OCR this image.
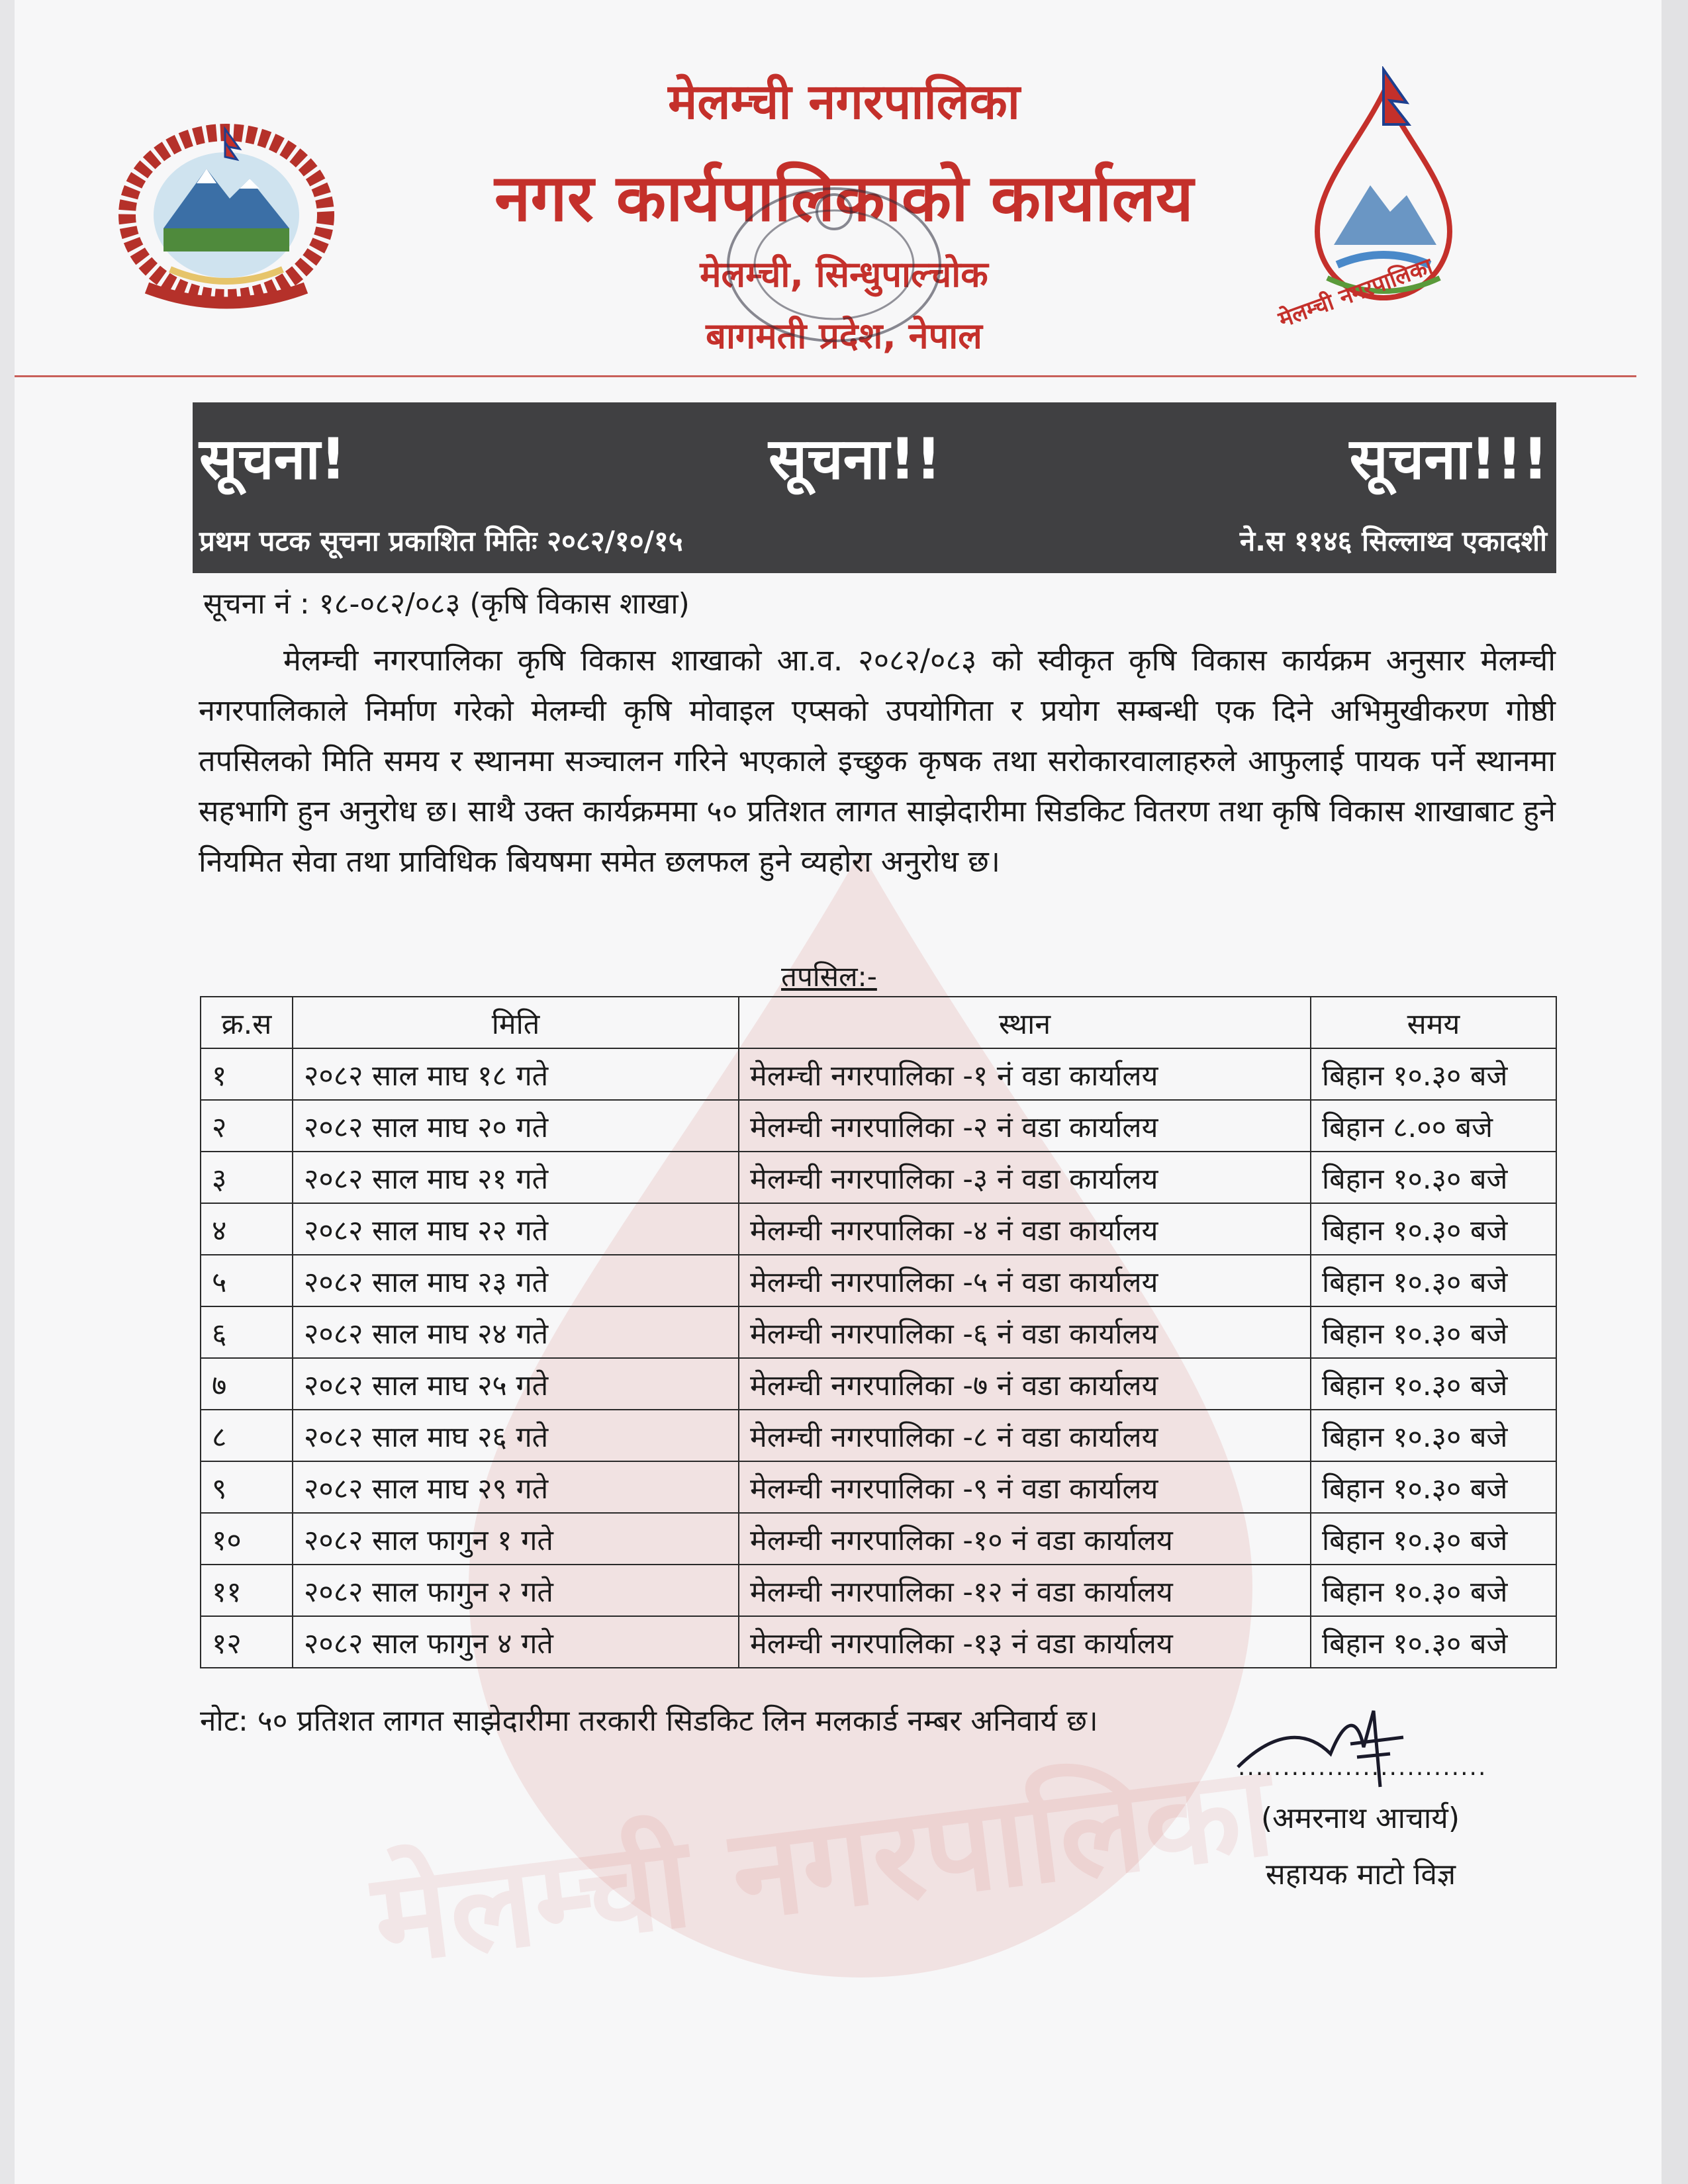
मेलम्ची नगरपालिका
मेलम्ची नगरपालिका
मेलम्ची नगरपालिका
नगर कार्यपालिकाको कार्यालय
मेलम्ची, सिन्धुपाल्चोक
बागमती प्रदेश, नेपाल
सूचना!	सूचना!!	सूचना!!!
प्रथम पटक सूचना प्रकाशित मितिः २०८२/१०/१५	ने.स ११४६ सिल्लाथ्व एकादशी
सूचना नं : १८-०८२/०८३ (कृषि विकास शाखा)
मेलम्ची नगरपालिका कृषि विकास शाखाको आ.व. २०८२/०८३ को स्वीकृत कृषि विकास कार्यक्रम अनुसार मेलम्ची नगरपालिकाले निर्माण गरेको मेलम्ची कृषि मोवाइल एप्सको उपयोगिता र प्रयोग सम्बन्धी एक दिने अभिमुखीकरण गोष्ठी तपसिलको मिति समय र स्थानमा सञ्चालन गरिने भएकाले इच्छुक कृषक तथा सरोकारवालाहरुले आफुलाई पायक पर्ने स्थानमा सहभागि हुन अनुरोध छ। साथै उक्त कार्यक्रममा ५० प्रतिशत लागत साझेदारीमा सिडकिट वितरण तथा कृषि विकास शाखाबाट हुने नियमित सेवा तथा प्राविधिक बियषमा समेत छलफल हुने व्यहोरा अनुरोध छ।
तपसिल:-
क्र.स	मिति	स्थान	समय
१	२०८२ साल माघ १८ गते	मेलम्ची नगरपालिका -१ नं वडा कार्यालय	बिहान १०.३० बजे
२	२०८२ साल माघ २० गते	मेलम्ची नगरपालिका -२ नं वडा कार्यालय	बिहान ८.०० बजे
३	२०८२ साल माघ २१ गते	मेलम्ची नगरपालिका -३ नं वडा कार्यालय	बिहान १०.३० बजे
४	२०८२ साल माघ २२ गते	मेलम्ची नगरपालिका -४ नं वडा कार्यालय	बिहान १०.३० बजे
५	२०८२ साल माघ २३ गते	मेलम्ची नगरपालिका -५ नं वडा कार्यालय	बिहान १०.३० बजे
६	२०८२ साल माघ २४ गते	मेलम्ची नगरपालिका -६ नं वडा कार्यालय	बिहान १०.३० बजे
७	२०८२ साल माघ २५ गते	मेलम्ची नगरपालिका -७ नं वडा कार्यालय	बिहान १०.३० बजे
८	२०८२ साल माघ २६ गते	मेलम्ची नगरपालिका -८ नं वडा कार्यालय	बिहान १०.३० बजे
९	२०८२ साल माघ २९ गते	मेलम्ची नगरपालिका -९ नं वडा कार्यालय	बिहान १०.३० बजे
१०	२०८२ साल फागुन १ गते	मेलम्ची नगरपालिका -१० नं वडा कार्यालय	बिहान १०.३० बजे
११	२०८२ साल फागुन २ गते	मेलम्ची नगरपालिका -१२ नं वडा कार्यालय	बिहान १०.३० बजे
१२	२०८२ साल फागुन ४ गते	मेलम्ची नगरपालिका -१३ नं वडा कार्यालय	बिहान १०.३० बजे
नोट: ५० प्रतिशत लागत साझेदारीमा तरकारी सिडकिट लिन मलकार्ड नम्बर अनिवार्य छ।
............................
(अमरनाथ आचार्य)
सहायक माटो विज्ञ
